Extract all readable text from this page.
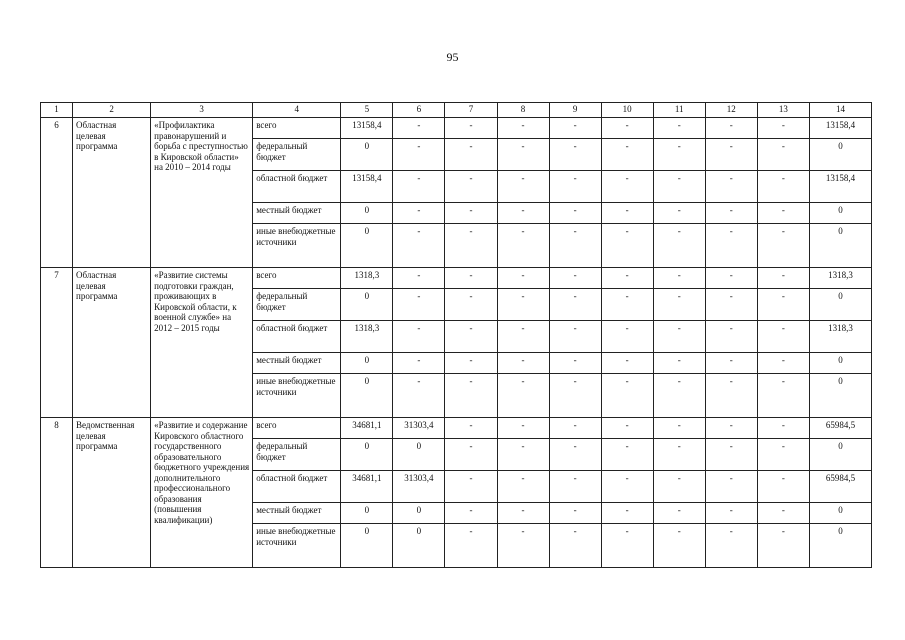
95
1	2	3	4	5	6	7	8	9	10	11	12	13	14
6	Областная целевая программа	«Профилактика правонарушений и борьба с преступностью в Кировской области» на 2010 – 2014 годы	всего	13158,4	-	-	-	-	-	-	-	-	13158,4
			федеральный бюджет	0	-	-	-	-	-	-	-	-	0
			областной бюджет	13158,4	-	-	-	-	-	-	-	-	13158,4
			местный бюджет	0	-	-	-	-	-	-	-	-	0
			иные внебюджетные источники	0	-	-	-	-	-	-	-	-	0
7	Областная целевая программа	«Развитие системы подготовки граждан, проживающих в Кировской области, к военной службе» на 2012 – 2015 годы	всего	1318,3	-	-	-	-	-	-	-	-	1318,3
			федеральный бюджет	0	-	-	-	-	-	-	-	-	0
			областной бюджет	1318,3	-	-	-	-	-	-	-	-	1318,3
			местный бюджет	0	-	-	-	-	-	-	-	-	0
			иные внебюджетные источники	0	-	-	-	-	-	-	-	-	0
8	Ведомственная целевая программа	«Развитие и содержание Кировского областного государственного образовательного бюджетного учреждения дополнительного профессионального образования (повышения квалификации)	всего	34681,1	31303,4	-	-	-	-	-	-	-	65984,5
			федеральный бюджет	0	0	-	-	-	-	-	-	-	0
			областной бюджет	34681,1	31303,4	-	-	-	-	-	-	-	65984,5
			местный бюджет	0	0	-	-	-	-	-	-	-	0
			иные внебюджетные источники	0	0	-	-	-	-	-	-	-	0
